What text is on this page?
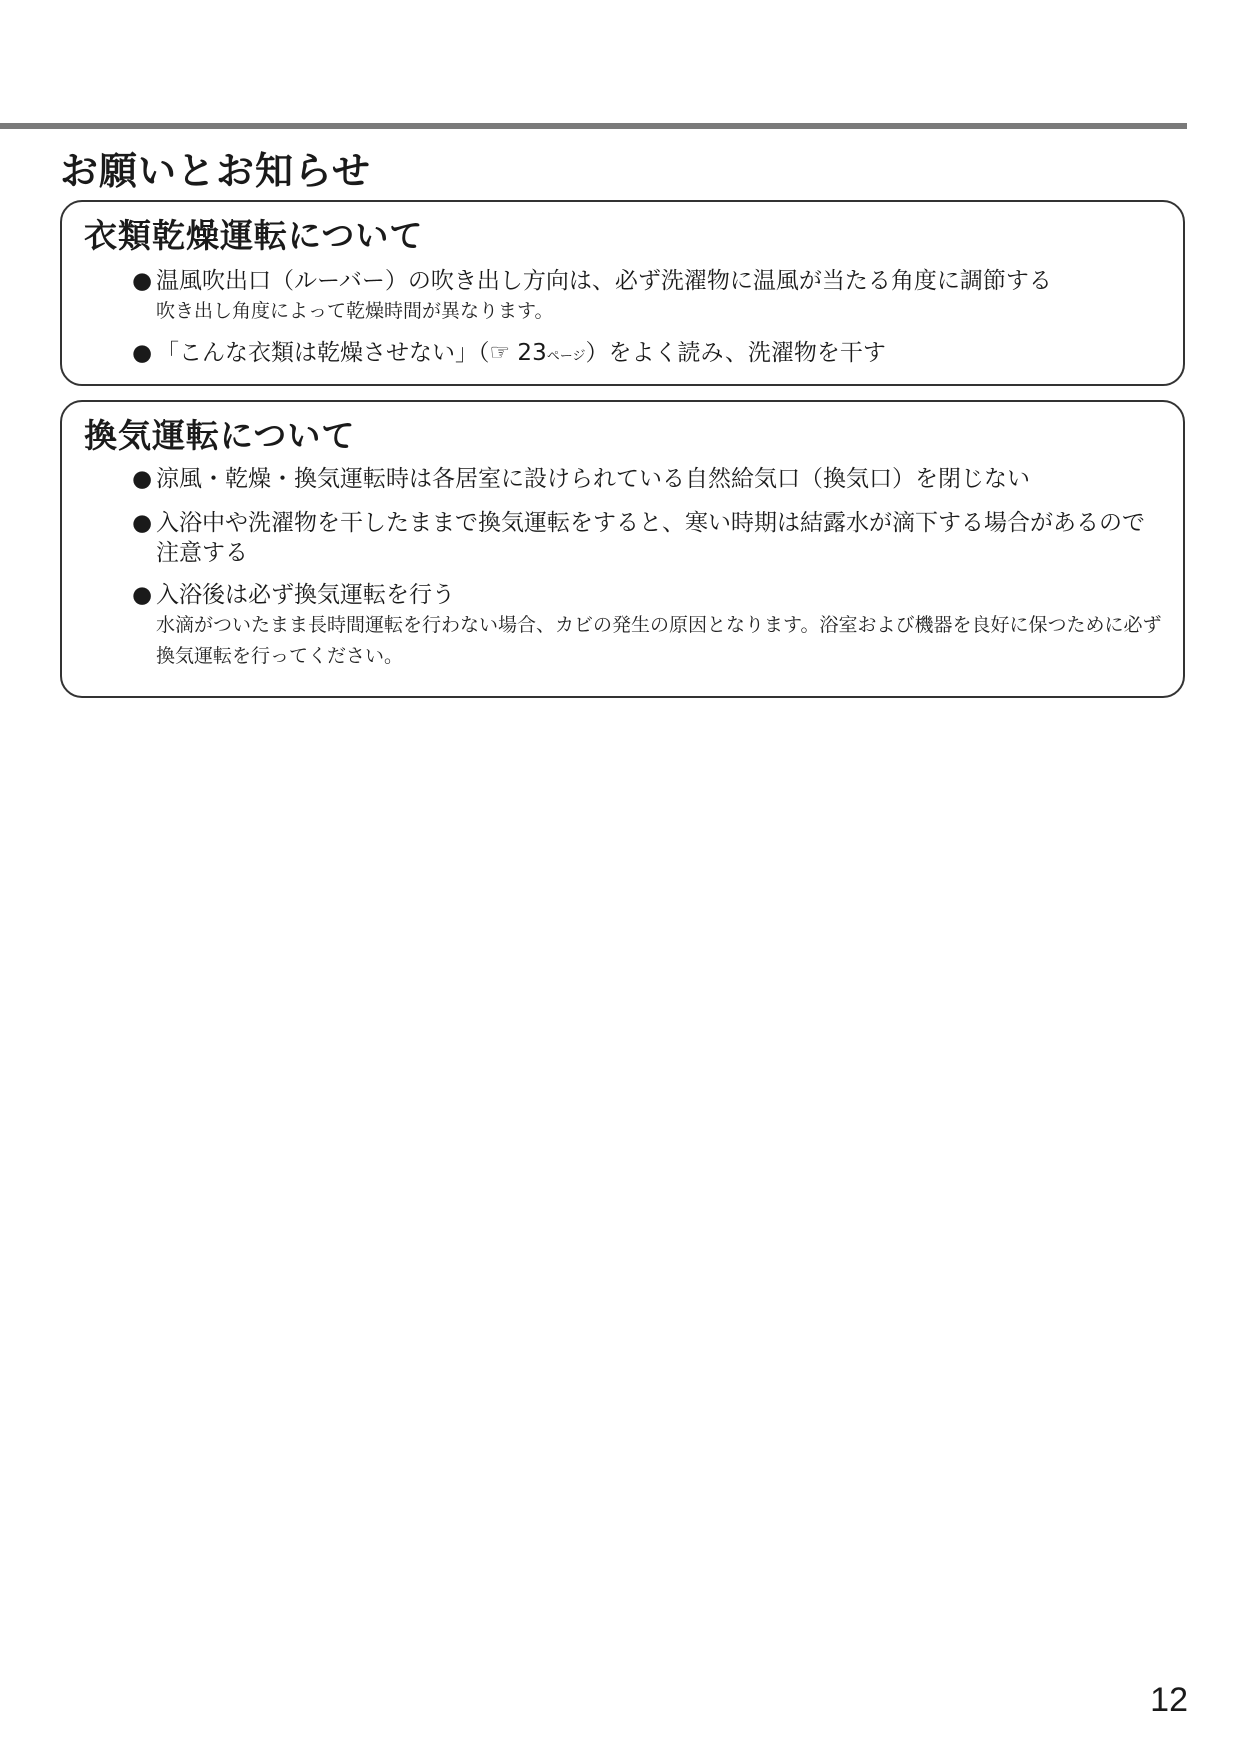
お願いとお知らせ
衣類乾燥運転について
● 温風吹出口（ルーバー）の吹き出し方向は、必ず洗濯物に温風が当たる角度に調節する
吹き出し角度によって乾燥時間が異なります。
● 「こんな衣類は乾燥させない」（☞ 23ページ）をよく読み、洗濯物を干す
換気運転について
● 涼風・乾燥・換気運転時は各居室に設けられている自然給気口（換気口）を閉じない
● 入浴中や洗濯物を干したままで換気運転をすると、寒い時期は結露水が滴下する場合があるので注意する
● 入浴後は必ず換気運転を行う
水滴がついたまま長時間運転を行わない場合、カビの発生の原因となります。浴室および機器を良好に保つために必ず換気運転を行ってください。
12
